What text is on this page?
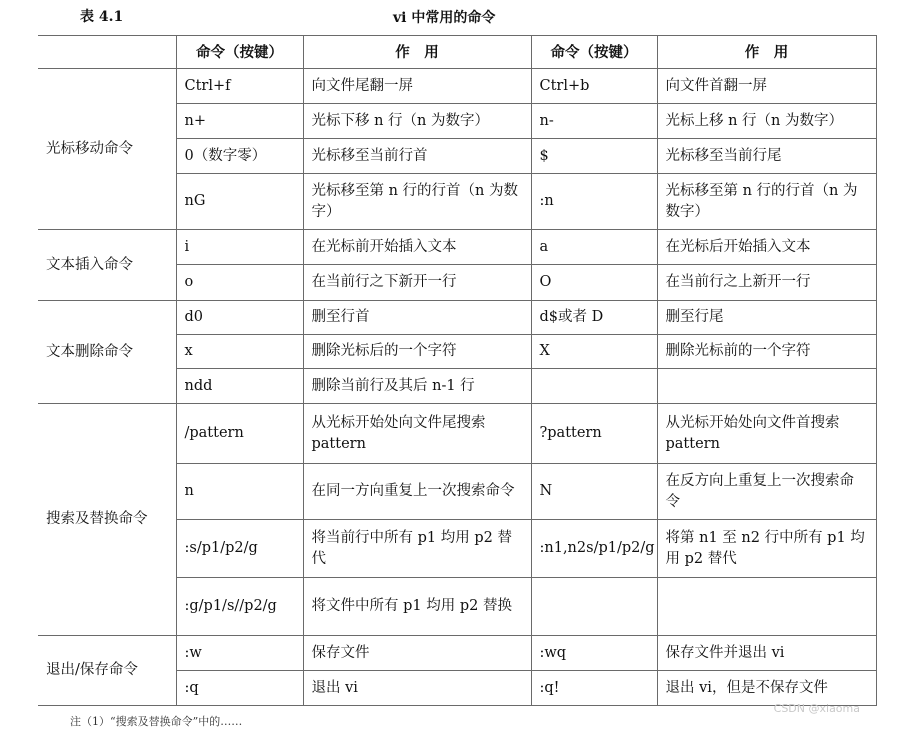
表 4.1	vi 中常用的命令
	命令（按键）	作　用	命令（按键）	作　用
光标移动命令	Ctrl+f	向文件尾翻一屏	Ctrl+b	向文件首翻一屏
	n+	光标下移 n 行（n 为数字）	n-	光标上移 n 行（n 为数字）
	0（数字零）	光标移至当前行首	$	光标移至当前行尾
	nG	光标移至第 n 行的行首（n 为数字）	:n	光标移至第 n 行的行首（n 为数字）
文本插入命令	i	在光标前开始插入文本	a	在光标后开始插入文本
	o	在当前行之下新开一行	O	在当前行之上新开一行
文本删除命令	d0	删至行首	d$或者 D	删至行尾
	x	删除光标后的一个字符	X	删除光标前的一个字符
	ndd	删除当前行及其后 n-1 行		
搜索及替换命令	/pattern	从光标开始处向文件尾搜索 pattern	?pattern	从光标开始处向文件首搜索 pattern
	n	在同一方向重复上一次搜索命令	N	在反方向上重复上一次搜索命令
	:s/p1/p2/g	将当前行中所有 p1 均用 p2 替代	:n1,n2s/p1/p2/g	将第 n1 至 n2 行中所有 p1 均用 p2 替代
	:g/p1/s//p2/g	将文件中所有 p1 均用 p2 替换		
退出/保存命令	:w	保存文件	:wq	保存文件并退出 vi
	:q	退出 vi	:q!	退出 vi，但是不保存文件
注（1）“搜索及替换命令”中的……
CSDN @xiaoma
